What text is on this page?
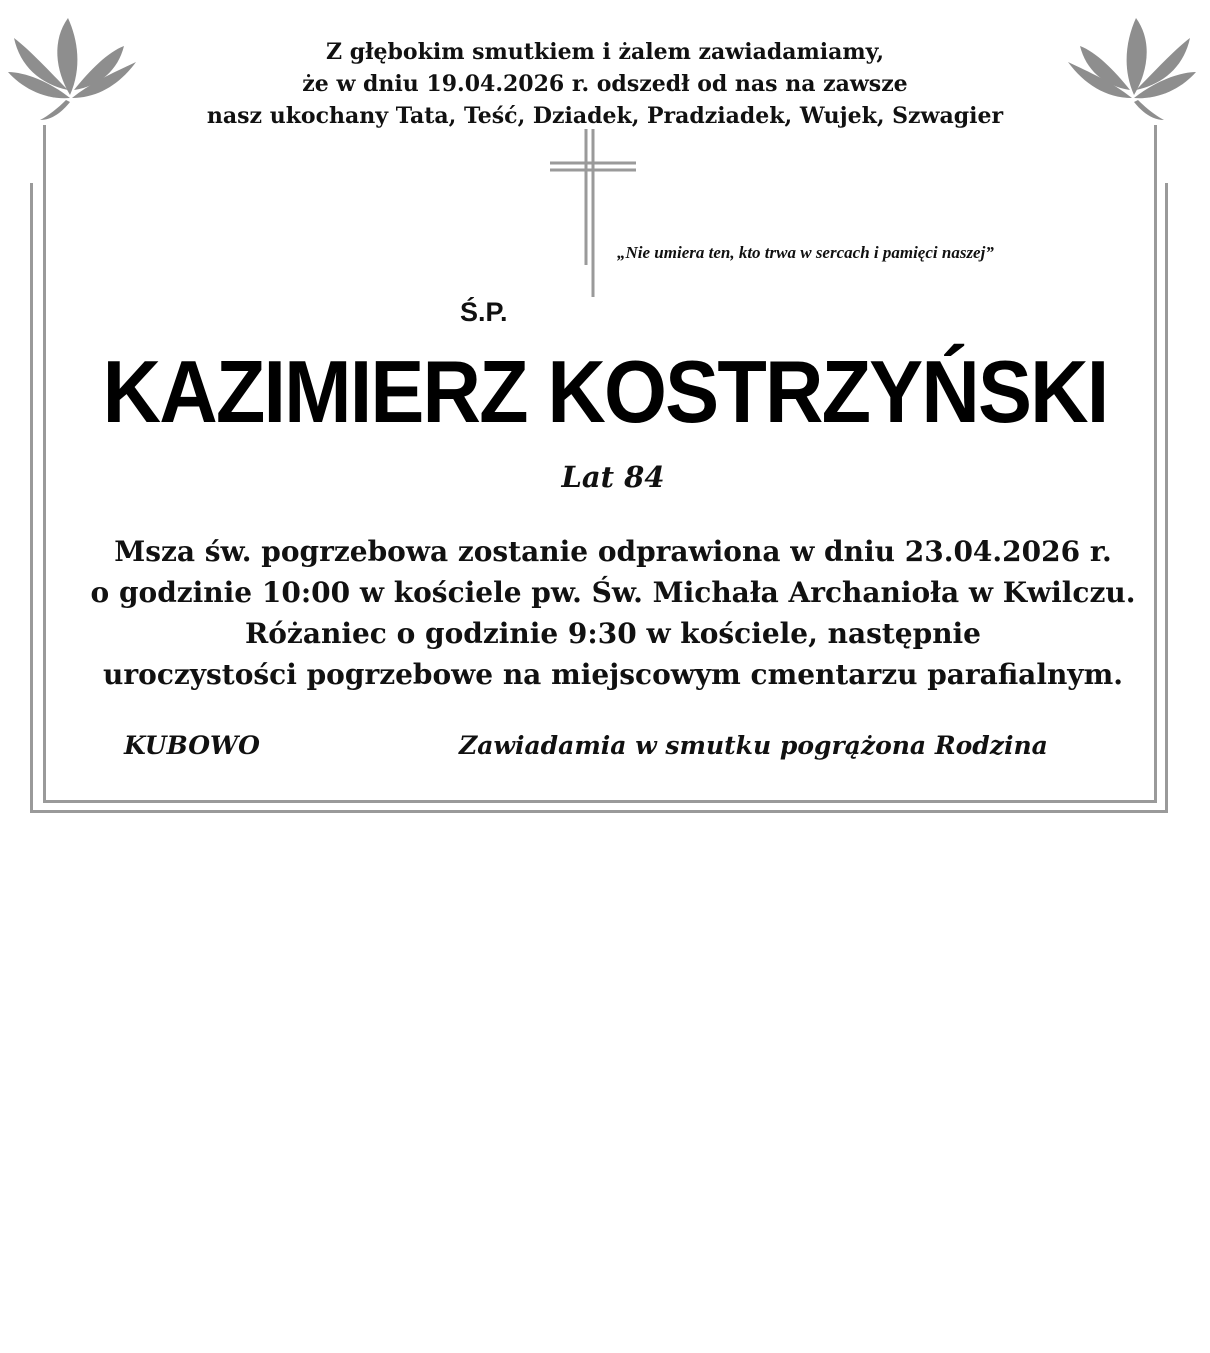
Z głębokim smutkiem i żalem zawiadamiamy,
że w dniu 19.04.2026 r. odszedł od nas na zawsze
nasz ukochany Tata, Teść, Dziadek, Pradziadek, Wujek, Szwagier
„Nie umiera ten, kto trwa w sercach i pamięci naszej”
Ś.P.
KAZIMIERZ KOSTRZYŃSKI
Lat 84
Msza św. pogrzebowa zostanie odprawiona w dniu 23.04.2026 r.
o godzinie 10:00 w kościele pw. Św. Michała Archanioła w Kwilczu.
Różaniec o godzinie 9:30 w kościele, następnie
uroczystości pogrzebowe na miejscowym cmentarzu parafialnym.
KUBOWO	Zawiadamia w smutku pogrążona Rodzina
